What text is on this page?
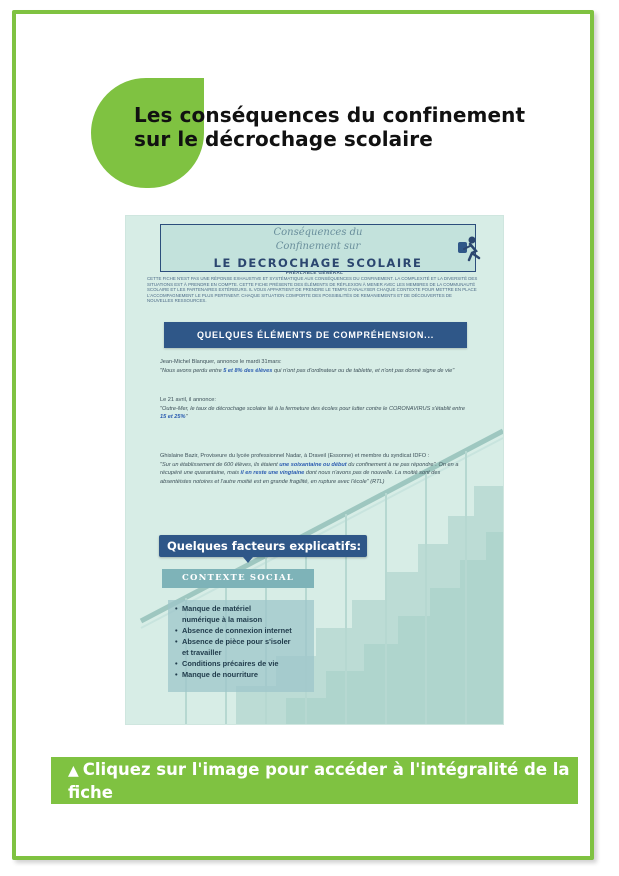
Les conséquences du confinement
sur le décrochage scolaire
Conséquences du
Confinement sur
LE DECROCHAGE SCOLAIRE
PRÉALABLE GÉNÉRAL
CETTE FICHE N'EST PAS UNE RÉPONSE EXHAUSTIVE ET SYSTÉMATIQUE AUX CONSÉQUENCES DU CONFINEMENT. LA COMPLEXITÉ ET LA DIVERSITÉ DES SITUATIONS EST À PRENDRE EN COMPTE. CETTE FICHE PRÉSENTE DES ÉLÉMENTS DE RÉFLEXION À MENER AVEC LES MEMBRES DE LA COMMUNAUTÉ SCOLAIRE ET LES PARTENAIRES EXTÉRIEURS. IL VOUS APPARTIENT DE PRENDRE LE TEMPS D'ANALYSER CHAQUE CONTEXTE POUR METTRE EN PLACE L'ACCOMPAGNEMENT LE PLUS PERTINENT. CHAQUE SITUATION COMPORTE DES POSSIBILITÉS DE REMANIEMENTS ET DE DÉCOUVERTES DE NOUVELLES RESSOURCES.
QUELQUES ÉLÉMENTS DE COMPRÉHENSION...
Jean-Michel Blanquer, annonce le mardi 31mars:
"Nous avons perdu entre 5 et 8% des élèves qui n'ont pas d'ordinateur ou de tablette, et n'ont pas donné signe de vie"
Le 21 avril, il annonce:
"Outre-Mer, le taux de décrochage scolaire lié à la fermeture des écoles pour lutter contre le CORONAVIRUS s'établit entre 15 et 25%"
Ghislaine Bazir, Proviseure du lycée professionnel Nadar, à Draveil (Essonne) et membre du syndicat IDFO :
"Sur un établissement de 600 élèves, ils étaient une soixantaine ou début du confinement à ne pas répondre". On en a récupéré une quarantaine, mais il en reste une vingtaine dont nous n'avons pas de nouvelle. La moitié sont des absentéistes notoires et l'autre moitié est en grande fragilité, en rupture avec l'école" (RTL)
Quelques facteurs explicatifs:
CONTEXTE SOCIAL
• Manque de matériel
numérique à la maison
• Absence de connexion internet
• Absence de pièce pour s'isoler
et travailler
• Conditions précaires de vie
• Manque de nourriture
▲ Cliquez sur l'image pour accéder à l'intégralité de la fiche
